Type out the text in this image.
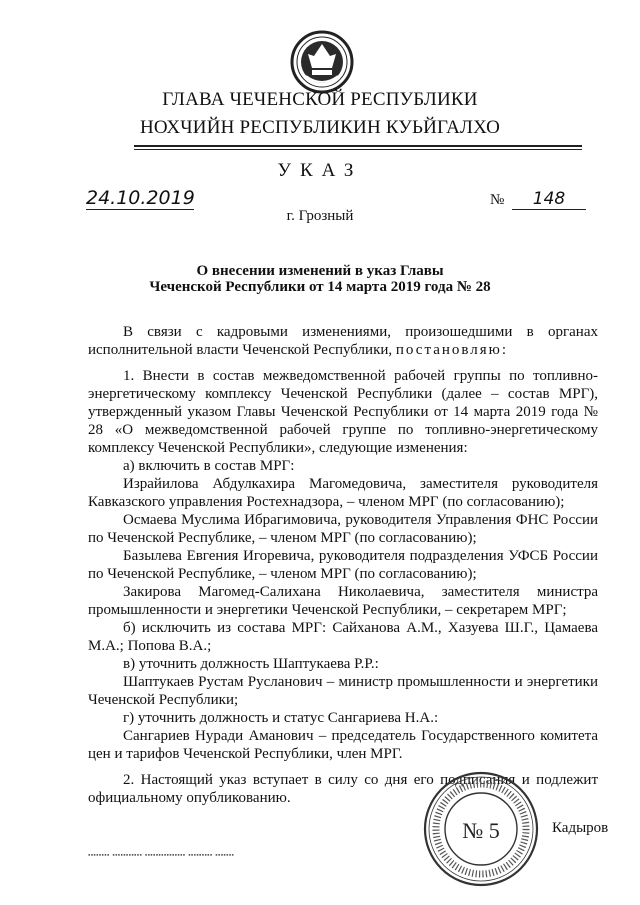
ГЛАВА ЧЕЧЕНСКОЙ РЕСПУБЛИКИ
НОХЧИЙН РЕСПУБЛИКИН КУЬЙГАЛХО
УКАЗ
24.10.2019	№	148
г. Грозный
О внесении изменений в указ Главы
Чеченской Республики от 14 марта 2019 года № 28

В связи с кадровыми изменениями, произошедшими в органах исполнительной власти Чеченской Республики, постановляю:

1. Внести в состав межведомственной рабочей группы по топливно-энергетическому комплексу Чеченской Республики (далее – состав МРГ), утвержденный указом Главы Чеченской Республики от 14 марта 2019 года № 28 «О межведомственной рабочей группе по топливно-энергетическому комплексу Чеченской Республики», следующие изменения:

а) включить в состав МРГ:

Израйилова Абдулкахира Магомедовича, заместителя руководителя Кавказского управления Ростехнадзора, – членом МРГ (по согласованию);

Осмаева Муслима Ибрагимовича, руководителя Управления ФНС России по Чеченской Республике, – членом МРГ (по согласованию);

Базылева Евгения Игоревича, руководителя подразделения УФСБ России по Чеченской Республике, – членом МРГ (по согласованию);

Закирова Магомед-Салихана Николаевича, заместителя министра промышленности и энергетики Чеченской Республики, – секретарем МРГ;

б) исключить из состава МРГ: Сайханова А.М., Хазуева Ш.Г., Цамаева М.А.; Попова В.А.;

в) уточнить должность Шаптукаева Р.Р.:

Шаптукаев Рустам Русланович – министр промышленности и энергетики Чеченской Республики;

г) уточнить должность и статус Сангариева Н.А.:

Сангариев Нуради Аманович – председатель Государственного комитета цен и тарифов Чеченской Республики, член МРГ.

2. Настоящий указ вступает в силу со дня его подписания и подлежит официальному опубликованию.

№ 5	Кадыров
▪▪▪▪▪▪▪▪ ▪▪▪▪▪▪▪▪▪▪▪ ▪▪▪▪▪▪▪▪▪▪▪▪▪▪▪ ▪▪▪▪▪▪▪▪▪ ▪▪▪▪▪▪▪
